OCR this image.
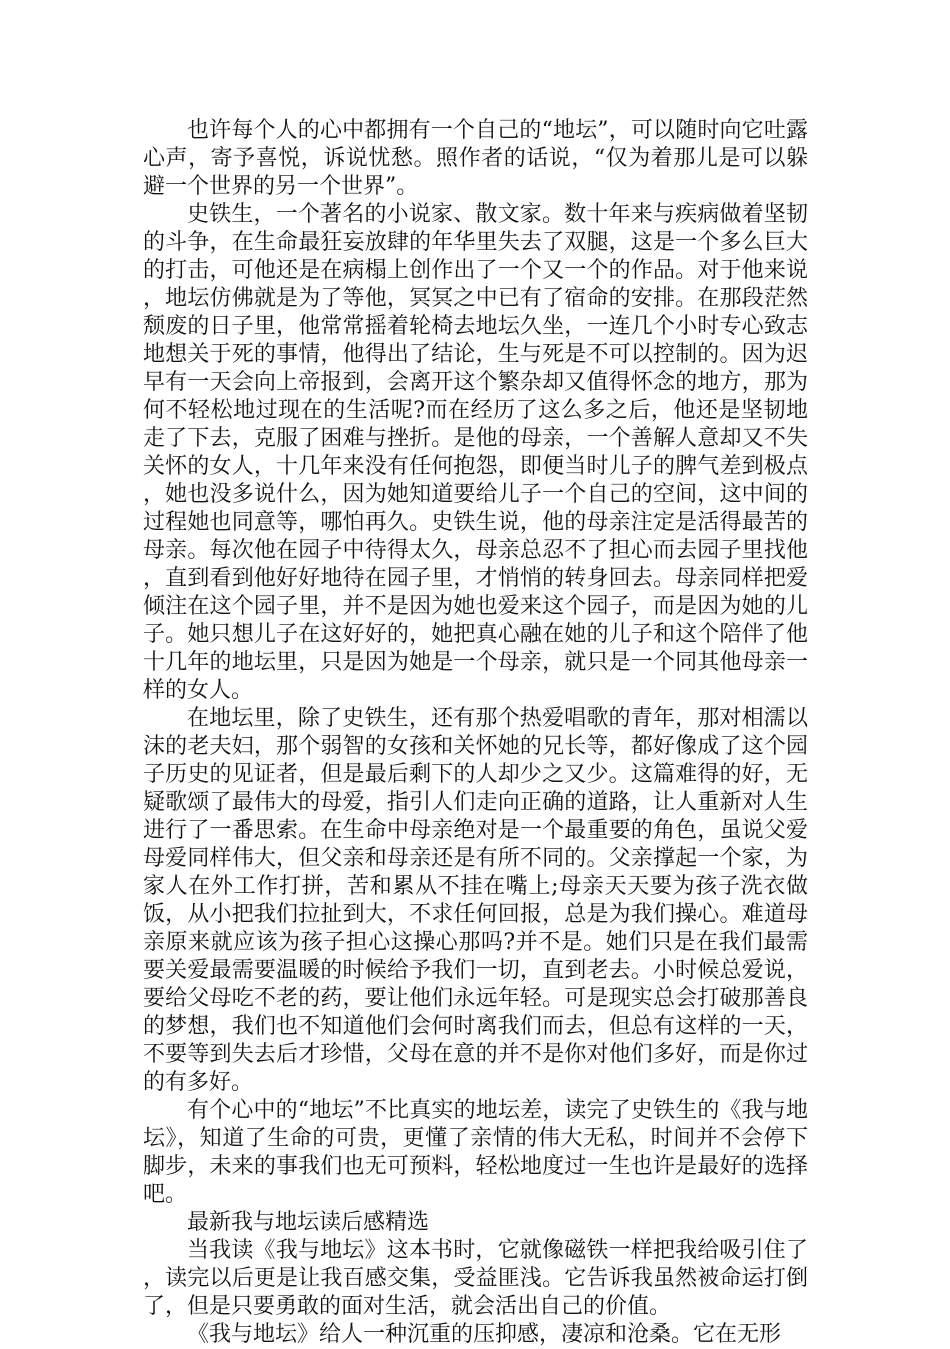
也许每个人的心中都拥有一个自己的“地坛”，可以随时向它吐露心声，寄予喜悦，诉说忧愁。照作者的话说，“仅为着那儿是可以躲避一个世界的另一个世界”。

史铁生，一个著名的小说家、散文家。数十年来与疾病做着坚韧的斗争，在生命最狂妄放肆的年华里失去了双腿，这是一个多么巨大的打击，可他还是在病榻上创作出了一个又一个的作品。对于他来说，地坛仿佛就是为了等他，冥冥之中已有了宿命的安排。在那段茫然颓废的日子里，他常常摇着轮椅去地坛久坐，一连几个小时专心致志地想关于死的事情，他得出了结论，生与死是不可以控制的。因为迟早有一天会向上帝报到，会离开这个繁杂却又值得怀念的地方，那为何不轻松地过现在的生活呢?而在经历了这么多之后，他还是坚韧地走了下去，克服了困难与挫折。是他的母亲，一个善解人意却又不失关怀的女人，十几年来没有任何抱怨，即便当时儿子的脾气差到极点，她也没多说什么，因为她知道要给儿子一个自己的空间，这中间的过程她也同意等，哪怕再久。史铁生说，他的母亲注定是活得最苦的母亲。每次他在园子中待得太久，母亲总忍不了担心而去园子里找他，直到看到他好好地待在园子里，才悄悄的转身回去。母亲同样把爱倾注在这个园子里，并不是因为她也爱来这个园子，而是因为她的儿子。她只想儿子在这好好的，她把真心融在她的儿子和这个陪伴了他十几年的地坛里，只是因为她是一个母亲，就只是一个同其他母亲一样的女人。

在地坛里，除了史铁生，还有那个热爱唱歌的青年，那对相濡以沫的老夫妇，那个弱智的女孩和关怀她的兄长等，都好像成了这个园子历史的见证者，但是最后剩下的人却少之又少。这篇难得的好，无疑歌颂了最伟大的母爱，指引人们走向正确的道路，让人重新对人生进行了一番思索。在生命中母亲绝对是一个最重要的角色，虽说父爱母爱同样伟大，但父亲和母亲还是有所不同的。父亲撑起一个家，为家人在外工作打拼，苦和累从不挂在嘴上;母亲天天要为孩子洗衣做饭，从小把我们拉扯到大，不求任何回报，总是为我们操心。难道母亲原来就应该为孩子担心这操心那吗?并不是。她们只是在我们最需要关爱最需要温暖的时候给予我们一切，直到老去。小时候总爱说，要给父母吃不老的药，要让他们永远年轻。可是现实总会打破那善良的梦想，我们也不知道他们会何时离我们而去，但总有这样的一天，不要等到失去后才珍惜，父母在意的并不是你对他们多好，而是你过的有多好。

有个心中的“地坛”不比真实的地坛差，读完了史铁生的《我与地坛》，知道了生命的可贵，更懂了亲情的伟大无私，时间并不会停下脚步，未来的事我们也无可预料，轻松地度过一生也许是最好的选择吧。

最新我与地坛读后感精选

当我读《我与地坛》这本书时，它就像磁铁一样把我给吸引住了，读完以后更是让我百感交集，受益匪浅。它告诉我虽然被命运打倒了，但是只要勇敢的面对生活，就会活出自己的价值。

《我与地坛》给人一种沉重的压抑感，凄凉和沧桑。它在无形
